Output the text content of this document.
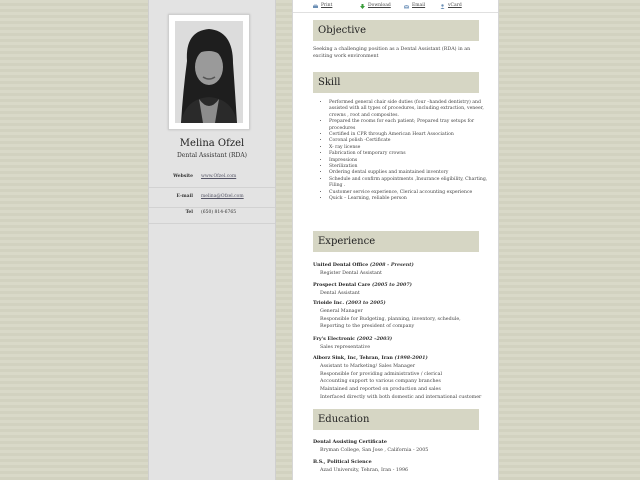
Melina Ofzel
Dental Assistant (RDA)
Website www.Ofzel.com
E-mail melina@Ofzel.com
Tel (650) 814-6765
Print	Download	Email	vCard
Objective
Seeking a challenging position as a Dental Assistant (RDA) in an exciting work environment
Skill
• Performed general chair side duties (four –handed dentistry) and assisted with all types of procedures, including extraction, veneer, crowns , root and composites.
• Prepared the rooms for each patient; Prepared tray setups for procedures
• Certified in CPR through American Heart Association
• Coronal polish -Certificate
• X- ray license
• Fabrication of temporary crowns
• Impressions
• Sterilization
• Ordering dental supplies and maintained inventory
• Schedule and confirm appointments ,Insurance eligibility, Charting, Filing .
• Customer service experience, Clerical accounting experience
• Quick – Learning, reliable person
Experience
United Dental Office (2008 - Present)
Register Dental Assistant
Prospect Dental Care (2005 to 2007)
Dental Assistant
Trioide Inc. (2003 to 2005)
General Manager
Responsible for Budgeting, planning, inventory, schedule,
Reporting to the president of company
Fry's Electronic (2002 –2003)
Sales representative
Alborz Sink, Inc, Tehran, Iran (1998-2001)
Assistant to Marketing/ Sales Manager
Responsible for providing administrative / clerical
Accounting support to various company branches
Maintained and reported on production and sales
Interfaced directly with both domestic and international customer
Education
Dental Assisting Certificate
Bryman College, San Jose , California - 2005
B.S., Political Science
Azad University, Tehran, Iran - 1996
